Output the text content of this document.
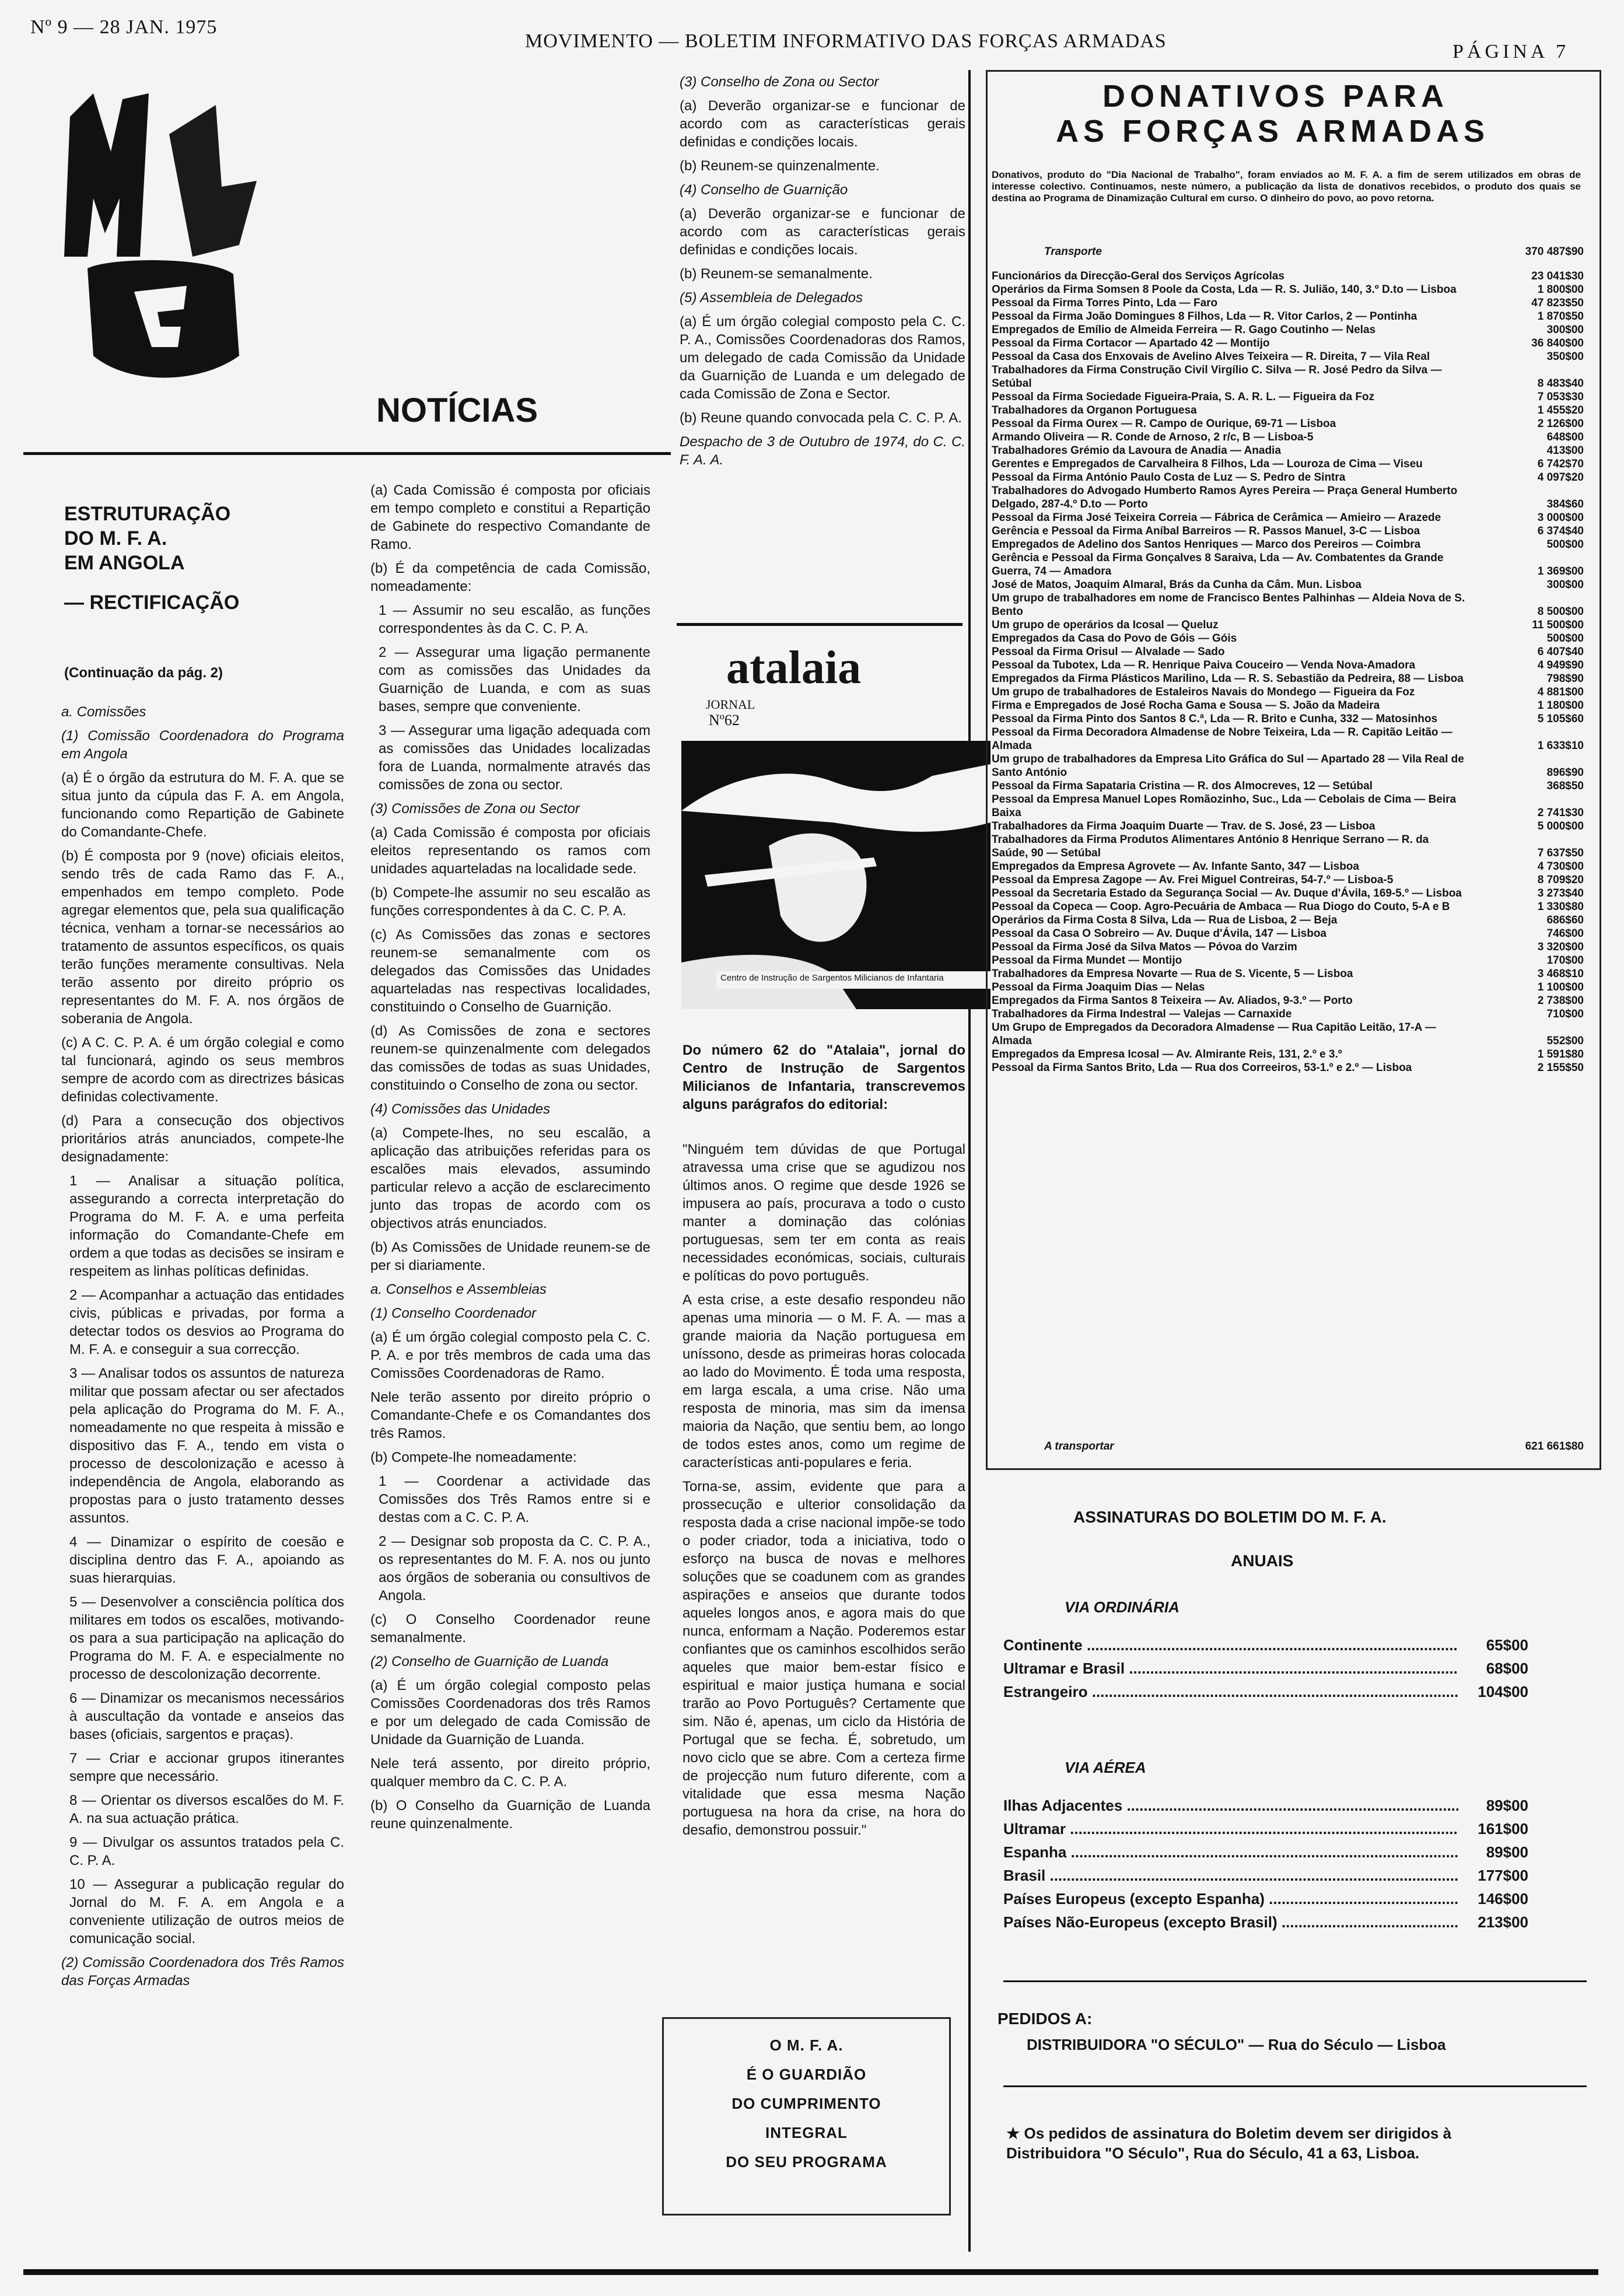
Nº 9 — 28 JAN. 1975
MOVIMENTO — BOLETIM INFORMATIVO DAS FORÇAS ARMADAS	PÁGINA 7
NOTÍCIAS
ESTRUTURAÇÃO
DO M. F. A.
EM ANGOLA
— RECTIFICAÇÃO
(Continuação da pág. 2)

a. Comissões

(1) Comissão Coordenadora do Programa em Angola

(a) É o órgão da estrutura do M. F. A. que se situa junto da cúpula das F. A. em Angola, funcionando como Repartição de Gabinete do Comandante-Chefe.

(b) É composta por 9 (nove) oficiais eleitos, sendo três de cada Ramo das F. A., empenhados em tempo completo. Pode agregar elementos que, pela sua qualificação técnica, venham a tornar-se necessários ao tratamento de assuntos específicos, os quais terão funções meramente consultivas. Nela terão assento por direito próprio os representantes do M. F. A. nos órgãos de soberania de Angola.

(c) A C. C. P. A. é um órgão colegial e como tal funcionará, agindo os seus membros sempre de acordo com as directrizes básicas definidas colectivamente.

(d) Para a consecução dos objectivos prioritários atrás anunciados, compete-lhe designadamente:

1 — Analisar a situação política, assegurando a correcta interpretação do Programa do M. F. A. e uma perfeita informação do Comandante-Chefe em ordem a que todas as decisões se insiram e respeitem as linhas políticas definidas.

2 — Acompanhar a actuação das entidades civis, públicas e privadas, por forma a detectar todos os desvios ao Programa do M. F. A. e conseguir a sua correcção.

3 — Analisar todos os assuntos de natureza militar que possam afectar ou ser afectados pela aplicação do Programa do M. F. A., nomeadamente no que respeita à missão e dispositivo das F. A., tendo em vista o processo de descolonização e acesso à independência de Angola, elaborando as propostas para o justo tratamento desses assuntos.

4 — Dinamizar o espírito de coesão e disciplina dentro das F. A., apoiando as suas hierarquias.

5 — Desenvolver a consciência política dos militares em todos os escalões, motivando-os para a sua participação na aplicação do Programa do M. F. A. e especialmente no processo de descolonização decorrente.

6 — Dinamizar os mecanismos necessários à auscultação da vontade e anseios das bases (oficiais, sargentos e praças).

7 — Criar e accionar grupos itinerantes sempre que necessário.

8 — Orientar os diversos escalões do M. F. A. na sua actuação prática.

9 — Divulgar os assuntos tratados pela C. C. P. A.

10 — Assegurar a publicação regular do Jornal do M. F. A. em Angola e a conveniente utilização de outros meios de comunicação social.

(2) Comissão Coordenadora dos Três Ramos das Forças Armadas

(a) Cada Comissão é composta por oficiais em tempo completo e constitui a Repartição de Gabinete do respectivo Comandante de Ramo.

(b) É da competência de cada Comissão, nomeadamente:

1 — Assumir no seu escalão, as funções correspondentes às da C. C. P. A.

2 — Assegurar uma ligação permanente com as comissões das Unidades da Guarnição de Luanda, e com as suas bases, sempre que conveniente.

3 — Assegurar uma ligação adequada com as comissões das Unidades localizadas fora de Luanda, normalmente através das comissões de zona ou sector.

(3) Comissões de Zona ou Sector

(a) Cada Comissão é composta por oficiais eleitos representando os ramos com unidades aquarteladas na localidade sede.

(b) Compete-lhe assumir no seu escalão as funções correspondentes à da C. C. P. A.

(c) As Comissões das zonas e sectores reunem-se semanalmente com os delegados das Comissões das Unidades aquarteladas nas respectivas localidades, constituindo o Conselho de Guarnição.

(d) As Comissões de zona e sectores reunem-se quinzenalmente com delegados das comissões de todas as suas Unidades, constituindo o Conselho de zona ou sector.

(4) Comissões das Unidades

(a) Compete-lhes, no seu escalão, a aplicação das atribuições referidas para os escalões mais elevados, assumindo particular relevo a acção de esclarecimento junto das tropas de acordo com os objectivos atrás enunciados.

(b) As Comissões de Unidade reunem-se de per si diariamente.

a. Conselhos e Assembleias

(1) Conselho Coordenador

(a) É um órgão colegial composto pela C. C. P. A. e por três membros de cada uma das Comissões Coordenadoras de Ramo.

Nele terão assento por direito próprio o Comandante-Chefe e os Comandantes dos três Ramos.

(b) Compete-lhe nomeadamente:

1 — Coordenar a actividade das Comissões dos Três Ramos entre si e destas com a C. C. P. A.

2 — Designar sob proposta da C. C. P. A., os representantes do M. F. A. nos ou junto aos órgãos de soberania ou consultivos de Angola.

(c) O Conselho Coordenador reune semanalmente.

(2) Conselho de Guarnição de Luanda

(a) É um órgão colegial composto pelas Comissões Coordenadoras dos três Ramos e por um delegado de cada Comissão de Unidade da Guarnição de Luanda.

Nele terá assento, por direito próprio, qualquer membro da C. C. P. A.

(b) O Conselho da Guarnição de Luanda reune quinzenalmente.

(3) Conselho de Zona ou Sector

(a) Deverão organizar-se e funcionar de acordo com as características gerais definidas e condições locais.

(b) Reunem-se quinzenalmente.

(4) Conselho de Guarnição

(a) Deverão organizar-se e funcionar de acordo com as características gerais definidas e condições locais.

(b) Reunem-se semanalmente.

(5) Assembleia de Delegados

(a) É um órgão colegial composto pela C. C. P. A., Comissões Coordenadoras dos Ramos, um delegado de cada Comissão da Unidade da Guarnição de Luanda e um delegado de cada Comissão de Zona e Sector.

(b) Reune quando convocada pela C. C. P. A.

Despacho de 3 de Outubro de 1974, do C. C. F. A. A.

atalaia
JORNAL
Nº62
Centro de Instrução de Sargentos Milicianos de Infantaria
Do número 62 do "Atalaia", jornal do Centro de Instrução de Sargentos Milicianos de Infantaria, transcrevemos alguns parágrafos do editorial:

"Ninguém tem dúvidas de que Portugal atravessa uma crise que se agudizou nos últimos anos. O regime que desde 1926 se impusera ao país, procurava a todo o custo manter a dominação das colónias portuguesas, sem ter em conta as reais necessidades económicas, sociais, culturais e políticas do povo português.

A esta crise, a este desafio respondeu não apenas uma minoria — o M. F. A. — mas a grande maioria da Nação portuguesa em uníssono, desde as primeiras horas colocada ao lado do Movimento. É toda uma resposta, em larga escala, a uma crise. Não uma resposta de minoria, mas sim da imensa maioria da Nação, que sentiu bem, ao longo de todos estes anos, como um regime de características anti-populares e feria.

Torna-se, assim, evidente que para a prossecução e ulterior consolidação da resposta dada a crise nacional impõe-se todo o poder criador, toda a iniciativa, todo o esforço na busca de novas e melhores soluções que se coadunem com as grandes aspirações e anseios que durante todos aqueles longos anos, e agora mais do que nunca, enformam a Nação. Poderemos estar confiantes que os caminhos escolhidos serão aqueles que maior bem-estar físico e espiritual e maior justiça humana e social trarão ao Povo Português? Certamente que sim. Não é, apenas, um ciclo da História de Portugal que se fecha. É, sobretudo, um novo ciclo que se abre. Com a certeza firme de projecção num futuro diferente, com a vitalidade que essa mesma Nação portuguesa na hora da crise, na hora do desafio, demonstrou possuir."

O M. F. A.
É O GUARDIÃO
DO CUMPRIMENTO
INTEGRAL
DO SEU PROGRAMA
DONATIVOS PARA
AS FORÇAS ARMADAS
Donativos, produto do "Dia Nacional de Trabalho", foram enviados ao M. F. A. a fim de serem utilizados em obras de interesse colectivo. Continuamos, neste número, a publicação da lista de donativos recebidos, o produto dos quais se destina ao Programa de Dinamização Cultural em curso. O dinheiro do povo, ao povo retorna.
Transporte	370 487$90
Funcionários da Direcção-Geral dos Serviços Agrícolas	23 041$30
Operários da Firma Somsen 8 Poole da Costa, Lda — R. S. Julião, 140, 3.º D.to — Lisboa	1 800$00
Pessoal da Firma Torres Pinto, Lda — Faro	47 823$50
Pessoal da Firma João Domingues 8 Filhos, Lda — R. Vitor Carlos, 2 — Pontinha	1 870$50
Empregados de Emílio de Almeida Ferreira — R. Gago Coutinho — Nelas	300$00
Pessoal da Firma Cortacor — Apartado 42 — Montijo	36 840$00
Pessoal da Casa dos Enxovais de Avelino Alves Teixeira — R. Direita, 7 — Vila Real	350$00
Trabalhadores da Firma Construção Civil Virgílio C. Silva — R. José Pedro da Silva — Setúbal	8 483$40
Pessoal da Firma Sociedade Figueira-Praia, S. A. R. L. — Figueira da Foz	7 053$30
Trabalhadores da Organon Portuguesa	1 455$20
Pessoal da Firma Ourex — R. Campo de Ourique, 69-71 — Lisboa	2 126$00
Armando Oliveira — R. Conde de Arnoso, 2 r/c, B — Lisboa-5	648$00
Trabalhadores Grémio da Lavoura de Anadia — Anadia	413$00
Gerentes e Empregados de Carvalheira 8 Filhos, Lda — Louroza de Cima — Viseu	6 742$70
Pessoal da Firma António Paulo Costa de Luz — S. Pedro de Sintra	4 097$20
Trabalhadores do Advogado Humberto Ramos Ayres Pereira — Praça General Humberto Delgado, 287-4.º D.to — Porto	384$60
Pessoal da Firma José Teixeira Correia — Fábrica de Cerâmica — Amieiro — Arazede	3 000$00
Gerência e Pessoal da Firma Aníbal Barreiros — R. Passos Manuel, 3-C — Lisboa	6 374$40
Empregados de Adelino dos Santos Henriques — Marco dos Pereiros — Coimbra	500$00
Gerência e Pessoal da Firma Gonçalves 8 Saraiva, Lda — Av. Combatentes da Grande Guerra, 74 — Amadora	1 369$00
José de Matos, Joaquim Almaral, Brás da Cunha da Câm. Mun. Lisboa	300$00
Um grupo de trabalhadores em nome de Francisco Bentes Palhinhas — Aldeia Nova de S. Bento	8 500$00
Um grupo de operários da Icosal — Queluz	11 500$00
Empregados da Casa do Povo de Góis — Góis	500$00
Pessoal da Firma Orisul — Alvalade — Sado	6 407$40
Pessoal da Tubotex, Lda — R. Henrique Paiva Couceiro — Venda Nova-Amadora	4 949$90
Empregados da Firma Plásticos Marilino, Lda — R. S. Sebastião da Pedreira, 88 — Lisboa	798$90
Um grupo de trabalhadores de Estaleiros Navais do Mondego — Figueira da Foz	4 881$00
Firma e Empregados de José Rocha Gama e Sousa — S. João da Madeira	1 180$00
Pessoal da Firma Pinto dos Santos 8 C.ª, Lda — R. Brito e Cunha, 332 — Matosinhos	5 105$60
Pessoal da Firma Decoradora Almadense de Nobre Teixeira, Lda — R. Capitão Leitão — Almada	1 633$10
Um grupo de trabalhadores da Empresa Lito Gráfica do Sul — Apartado 28 — Vila Real de Santo António	896$90
Pessoal da Firma Sapataria Cristina — R. dos Almocreves, 12 — Setúbal	368$50
Pessoal da Empresa Manuel Lopes Romãozinho, Suc., Lda — Cebolais de Cima — Beira Baixa	2 741$30
Trabalhadores da Firma Joaquim Duarte — Trav. de S. José, 23 — Lisboa	5 000$00
Trabalhadores da Firma Produtos Alimentares António 8 Henrique Serrano — R. da Saúde, 90 — Setúbal	7 637$50
Empregados da Empresa Agrovete — Av. Infante Santo, 347 — Lisboa	4 730$00
Pessoal da Empresa Zagope — Av. Frei Miguel Contreiras, 54-7.º — Lisboa-5	8 709$20
Pessoal da Secretaria Estado da Segurança Social — Av. Duque d'Ávila, 169-5.º — Lisboa	3 273$40
Pessoal da Copeca — Coop. Agro-Pecuária de Ambaca — Rua Diogo do Couto, 5-A e B	1 330$80
Operários da Firma Costa 8 Silva, Lda — Rua de Lisboa, 2 — Beja	686$60
Pessoal da Casa O Sobreiro — Av. Duque d'Ávila, 147 — Lisboa	746$00
Pessoal da Firma José da Silva Matos — Póvoa do Varzim	3 320$00
Pessoal da Firma Mundet — Montijo	170$00
Trabalhadores da Empresa Novarte — Rua de S. Vicente, 5 — Lisboa	3 468$10
Pessoal da Firma Joaquim Dias — Nelas	1 100$00
Empregados da Firma Santos 8 Teixeira — Av. Aliados, 9-3.º — Porto	2 738$00
Trabalhadores da Firma Indestral — Valejas — Carnaxide	710$00
Um Grupo de Empregados da Decoradora Almadense — Rua Capitão Leitão, 17-A — Almada	552$00
Empregados da Empresa Icosal — Av. Almirante Reis, 131, 2.º e 3.º	1 591$80
Pessoal da Firma Santos Brito, Lda — Rua dos Correeiros, 53-1.º e 2.º — Lisboa	2 155$50
A transportar	621 661$80
ASSINATURAS DO BOLETIM DO M. F. A.
ANUAIS
VIA ORDINÁRIA
Continente .....	65$00
Ultramar e Brasil .....	68$00
Estrangeiro .....	104$00
VIA AÉREA
Ilhas Adjacentes .....	89$00
Ultramar .....	161$00
Espanha .....	89$00
Brasil .....	177$00
Países Europeus (excepto Espanha) .....	146$00
Países Não-Europeus (excepto Brasil) .....	213$00
PEDIDOS A:
DISTRIBUIDORA "O SÉCULO" — Rua do Século — Lisboa
★ Os pedidos de assinatura do Boletim devem ser dirigidos à Distribuidora "O Século", Rua do Século, 41 a 63, Lisboa.
